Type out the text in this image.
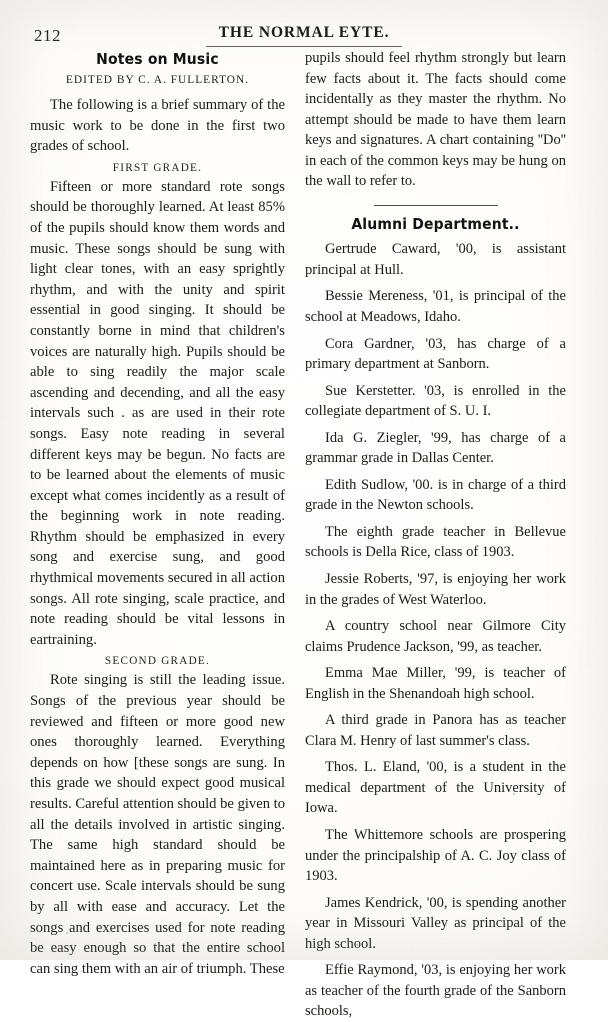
212	THE NORMAL EYTE.
Notes on Music
EDITED BY C. A. FULLERTON.

The following is a brief summary of the music work to be done in the first two grades of school.

FIRST GRADE.

Fifteen or more standard rote songs should be thoroughly learned. At least 85% of the pupils should know them words and music. These songs should be sung with light clear tones, with an easy sprightly rhythm, and with the unity and spirit essential in good singing. It should be constantly borne in mind that children's voices are naturally high. Pupils should be able to sing readily the major scale ascending and decending, and all the easy intervals such . as are used in their rote songs. Easy note reading in several different keys may be begun. No facts are to be learned about the elements of music except what comes incidently as a result of the beginning work in note reading. Rhythm should be emphasized in every song and exercise sung, and good rhythmical movements secured in all action songs. All rote singing, scale practice, and note reading should be vital lessons in eartraining.

SECOND GRADE.

Rote singing is still the leading issue. Songs of the previous year should be reviewed and fifteen or more good new ones thoroughly learned. Everything depends on how [these songs are sung. In this grade we should expect good musical results. Careful attention should be given to all the details involved in artistic singing. The same high standard should be maintained here as in preparing music for concert use. Scale intervals should be sung by all with ease and accuracy. Let the songs and exercises used for note reading be easy enough so that the entire school can sing them with an air of triumph. These

pupils should feel rhythm strongly but learn few facts about it. The facts should come incidentally as they master the rhythm. No attempt should be made to have them learn keys and signatures. A chart containing ''Do'' in each of the common keys may be hung on the wall to refer to.

Alumni Department..

Gertrude Caward, '00, is assistant principal at Hull.

Bessie Mereness, '01, is principal of the school at Meadows, Idaho.

Cora Gardner, '03, has charge of a primary department at Sanborn.

Sue Kerstetter. '03, is enrolled in the collegiate department of S. U. I.

Ida G. Ziegler, '99, has charge of a grammar grade in Dallas Center.

Edith Sudlow, '00. is in charge of a third grade in the Newton schools.

The eighth grade teacher in Bellevue schools is Della Rice, class of 1903.

Jessie Roberts, '97, is enjoying her work in the grades of West Waterloo.

A country school near Gilmore City claims Prudence Jackson, '99, as teacher.

Emma Mae Miller, '99, is teacher of English in the Shenandoah high school.

A third grade in Panora has as teacher Clara M. Henry of last summer's class.

Thos. L. Eland, '00, is a student in the medical department of the University of Iowa.

The Whittemore schools are prospering under the principalship of A. C. Joy class of 1903.

James Kendrick, '00, is spending another year in Missouri Valley as principal of the high school.

Effie Raymond, '03, is enjoying her work as teacher of the fourth grade of the Sanborn schools,
